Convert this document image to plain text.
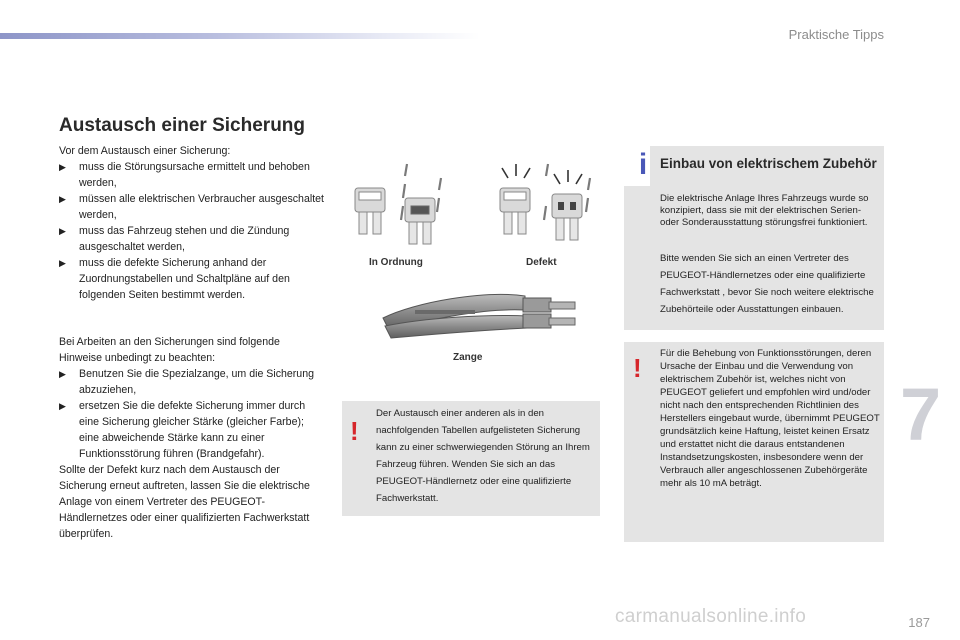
Praktische Tipps
7
187
carmanualsonline.info
Austausch einer Sicherung

Vor dem Austausch einer Sicherung:

▶ muss die Störungsursache ermittelt und behoben werden,
▶ müssen alle elektrischen Verbraucher ausgeschaltet werden,
▶ muss das Fahrzeug stehen und die Zündung ausgeschaltet werden,
▶ muss die defekte Sicherung anhand der Zuordnungstabellen und Schaltpläne auf den folgenden Seiten bestimmt werden.

Bei Arbeiten an den Sicherungen sind folgende Hinweise unbedingt zu beachten:

▶ Benutzen Sie die Spezialzange, um die Sicherung abzuziehen,
▶ ersetzen Sie die defekte Sicherung immer durch eine Sicherung gleicher Stärke (gleicher Farbe); eine abweichende Stärke kann zu einer Funktionsstörung führen (Brandgefahr).

Sollte der Defekt kurz nach dem Austausch der Sicherung erneut auftreten, lassen Sie die elektrische Anlage von einem Vertreter des PEUGEOT-Händlernetzes oder einer qualifizierten Fachwerkstatt überprüfen.

In Ordnung	Defekt
Zange
!
Der Austausch einer anderen als in den nachfolgenden Tabellen aufgelisteten Sicherung kann zu einer schwerwiegenden Störung an Ihrem Fahrzeug führen. Wenden Sie sich an das PEUGEOT-Händlernetz oder eine qualifizierte Fachwerkstatt.
i Einbau von elektrischem Zubehör
Die elektrische Anlage Ihres Fahrzeugs wurde so konzipiert, dass sie mit der elektrischen Serien- oder Sonderausstattung störungsfrei funktioniert.
Bitte wenden Sie sich an einen Vertreter des PEUGEOT-Händlernetzes oder eine qualifizierte Fachwerkstatt , bevor Sie noch weitere elektrische Zubehörteile oder Ausstattungen einbauen.
! Für die Behebung von Funktionsstörungen, deren Ursache der Einbau und die Verwendung von elektrischem Zubehör ist, welches nicht von PEUGEOT geliefert und empfohlen wird und/oder nicht nach den entsprechenden Richtlinien des Herstellers eingebaut wurde, übernimmt PEUGEOT grundsätzlich keine Haftung, leistet keinen Ersatz und erstattet nicht die daraus entstandenen Instandsetzungskosten, insbesondere wenn der Verbrauch aller angeschlossenen Zubehörgeräte mehr als 10 mA beträgt.
